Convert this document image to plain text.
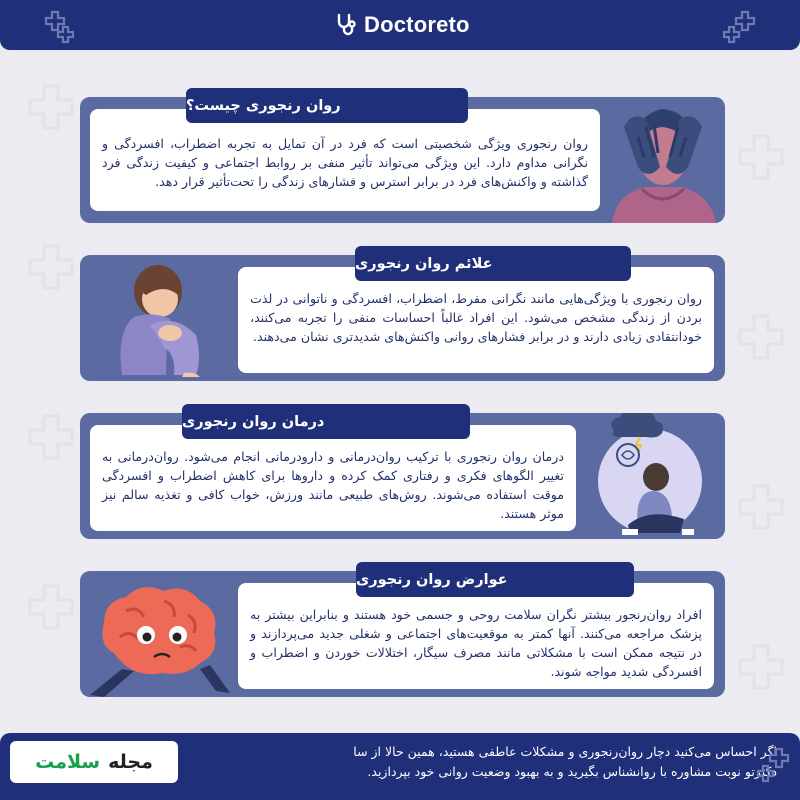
Doctoreto
روان رنجوری چیست؟
روان رنجوری ویژگی شخصیتی است که فرد در آن تمایل به تجربه اضطراب، افسردگی و نگرانی مداوم دارد. این ویژگی می‌تواند تأثیر منفی بر روابط اجتماعی و کیفیت زندگی فرد گذاشته و واکنش‌های فرد در برابر استرس و فشارهای زندگی را تحت‌تأثیر قرار دهد.
علائم روان رنجوری
روان رنجوری با ویژگی‌هایی مانند نگرانی مفرط، اضطراب، افسردگی و ناتوانی در لذت بردن از زندگی مشخص می‌شود. این افراد غالباً احساسات منفی را تجربه می‌کنند، خودانتقادی زیادی دارند و در برابر فشارهای روانی واکنش‌های شدیدتری نشان می‌دهند.
درمان روان رنجوری
درمان روان رنجوری با ترکیب روان‌درمانی و دارودرمانی انجام می‌شود. روان‌درمانی به تغییر الگوهای فکری و رفتاری کمک کرده و داروها برای کاهش اضطراب و افسردگی موقت استفاده می‌شوند. روش‌های طبیعی مانند ورزش، خواب کافی و تغذیه سالم نیز موثر هستند.
عوارض روان رنجوری
افراد روان‌رنجور بیشتر نگران سلامت روحی و جسمی خود هستند و بنابراین بیشتر به پزشک مراجعه می‌کنند. آنها کمتر به موقعیت‌های اجتماعی و شغلی جدید می‌پردازند و در نتیجه ممکن است با مشکلاتی مانند مصرف سیگار، اختلالات خوردن و اضطراب و افسردگی شدید مواجه شوند.
اگر احساس می‌کنید دچار روان‌رنجوری و مشکلات عاطفی هستید، همین حالا از سا
دکترتو نوبت مشاوره با روانشناس بگیرید و به بهبود وضعیت روانی خود بپردازید.
مجله
سلامت
